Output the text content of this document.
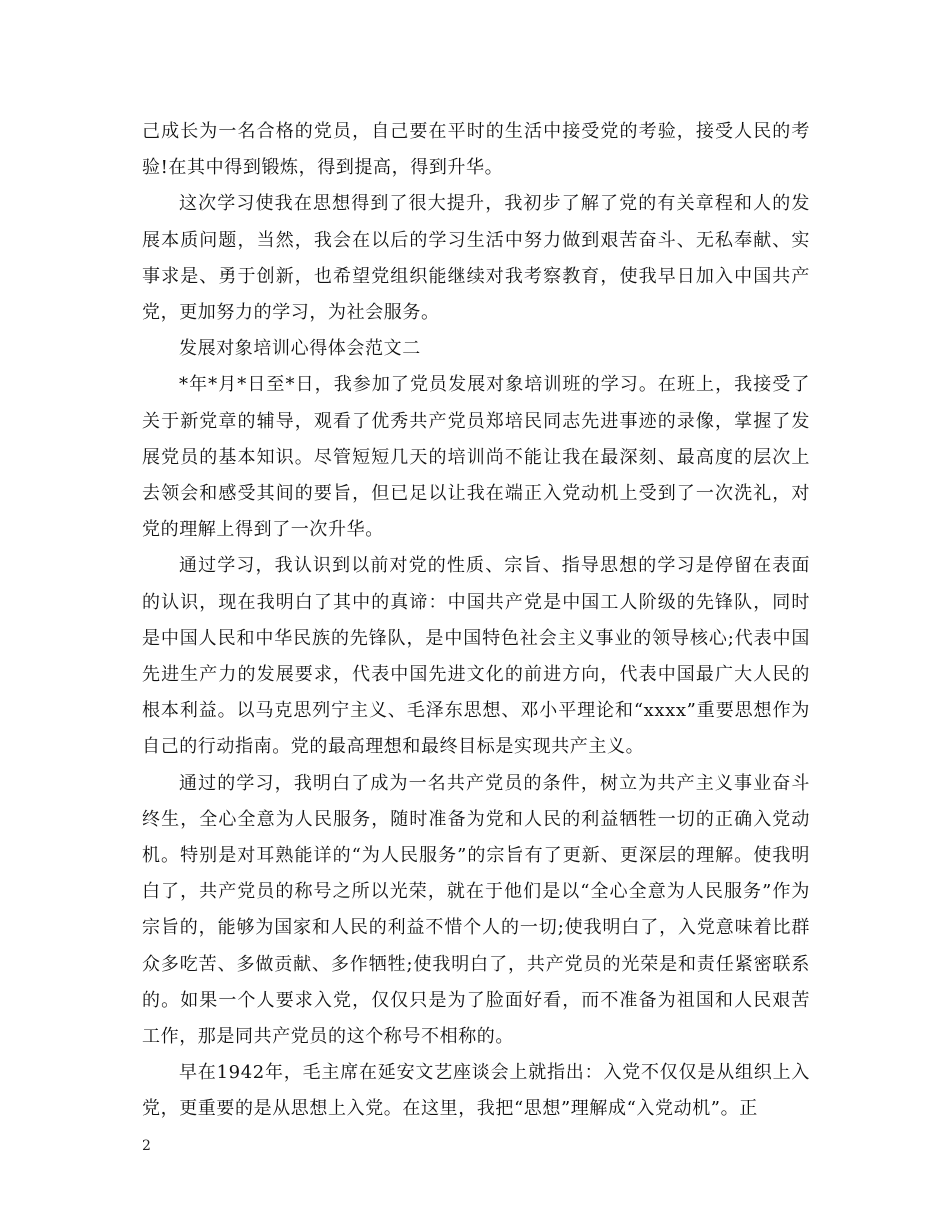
己成长为一名合格的党员，自己要在平时的生活中接受党的考验，接受人民的考验!在其中得到锻炼，得到提高，得到升华。

这次学习使我在思想得到了很大提升，我初步了解了党的有关章程和人的发展本质问题，当然，我会在以后的学习生活中努力做到艰苦奋斗、无私奉献、实事求是、勇于创新，也希望党组织能继续对我考察教育，使我早日加入中国共产党，更加努力的学习，为社会服务。

发展对象培训心得体会范文二

*年*月*日至*日，我参加了党员发展对象培训班的学习。在班上，我接受了关于新党章的辅导，观看了优秀共产党员郑培民同志先进事迹的录像，掌握了发展党员的基本知识。尽管短短几天的培训尚不能让我在最深刻、最高度的层次上去领会和感受其间的要旨，但已足以让我在端正入党动机上受到了一次洗礼，对党的理解上得到了一次升华。

通过学习，我认识到以前对党的性质、宗旨、指导思想的学习是停留在表面的认识，现在我明白了其中的真谛：中国共产党是中国工人阶级的先锋队，同时是中国人民和中华民族的先锋队，是中国特色社会主义事业的领导核心;代表中国先进生产力的发展要求，代表中国先进文化的前进方向，代表中国最广大人民的根本利益。以马克思列宁主义、毛泽东思想、邓小平理论和“xxxx”重要思想作为自己的行动指南。党的最高理想和最终目标是实现共产主义。

通过的学习，我明白了成为一名共产党员的条件，树立为共产主义事业奋斗终生，全心全意为人民服务，随时准备为党和人民的利益牺牲一切的正确入党动机。特别是对耳熟能详的“为人民服务”的宗旨有了更新、更深层的理解。使我明白了，共产党员的称号之所以光荣，就在于他们是以“全心全意为人民服务”作为宗旨的，能够为国家和人民的利益不惜个人的一切;使我明白了，入党意味着比群众多吃苦、多做贡献、多作牺牲;使我明白了，共产党员的光荣是和责任紧密联系的。如果一个人要求入党，仅仅只是为了脸面好看，而不准备为祖国和人民艰苦工作，那是同共产党员的这个称号不相称的。

早在1942年，毛主席在延安文艺座谈会上就指出：入党不仅仅是从组织上入党，更重要的是从思想上入党。在这里，我把“思想”理解成“入党动机”。正

2
